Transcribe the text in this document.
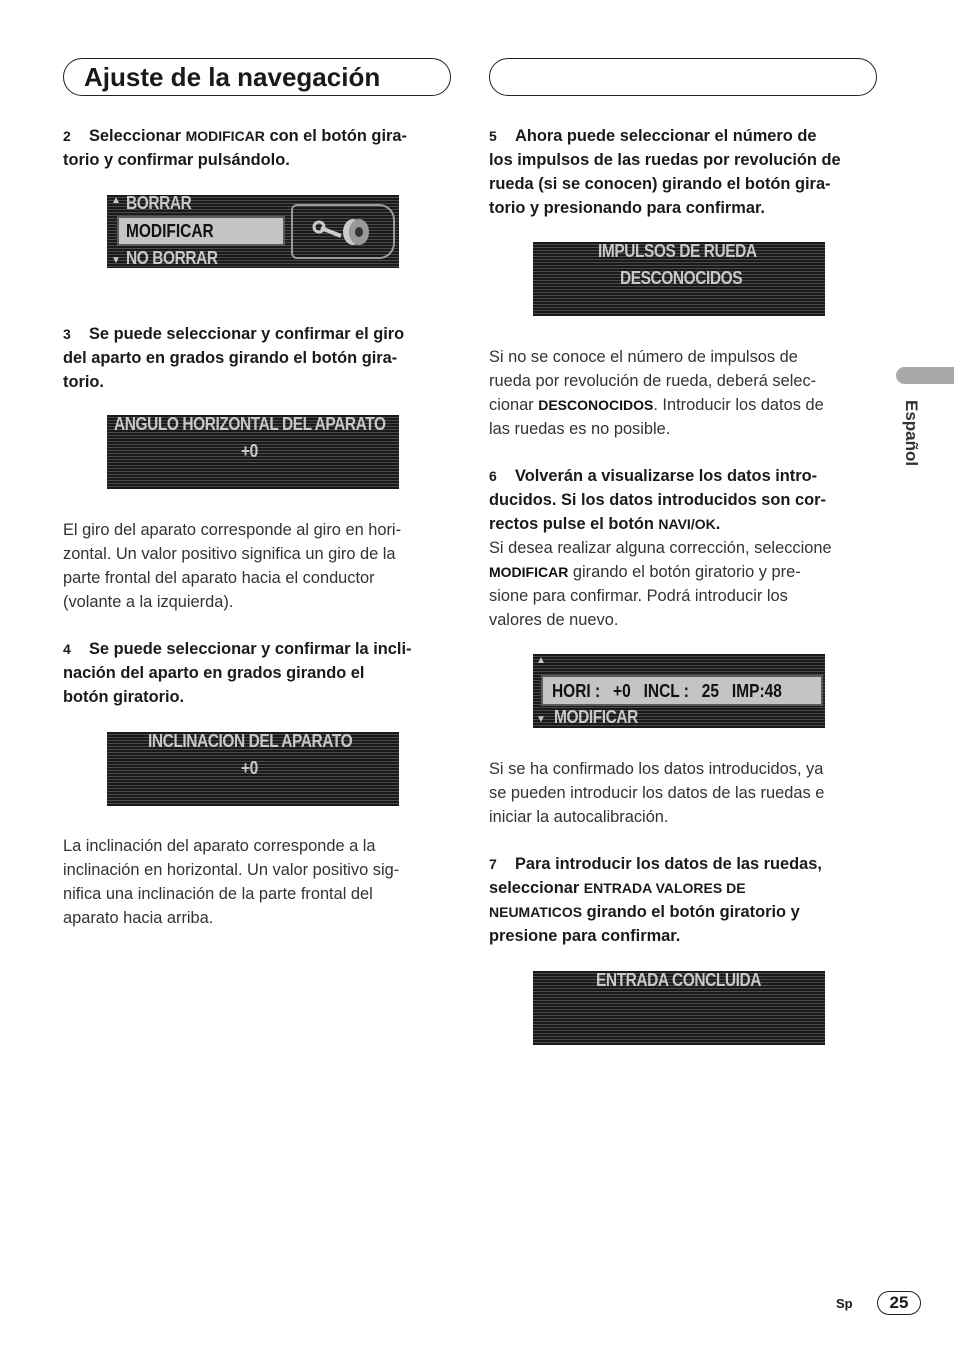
Ajuste de la navegación
2 Seleccionar MODIFICAR con el botón gira-
torio y confirmar pulsándolo.
▲ BORRAR
MODIFICAR
▼ NO BORRAR
3 Se puede seleccionar y confirmar el giro
del aparto en grados girando el botón gira-
torio.
ANGULO HORIZONTAL DEL APARATO
+0
El giro del aparato corresponde al giro en hori-
zontal. Un valor positivo significa un giro de la
parte frontal del aparato hacia el conductor
(volante a la izquierda).
4 Se puede seleccionar y confirmar la incli-
nación del aparto en grados girando el
botón giratorio.
INCLINACION DEL APARATO
+0
La inclinación del aparato corresponde a la
inclinación en horizontal. Un valor positivo sig-
nifica una inclinación de la parte frontal del
aparato hacia arriba.
5 Ahora puede seleccionar el número de
los impulsos de las ruedas por revolución de
rueda (si se conocen) girando el botón gira-
torio y presionando para confirmar.
IMPULSOS DE RUEDA
DESCONOCIDOS
Si no se conoce el número de impulsos de
rueda por revolución de rueda, deberá selec-
cionar DESCONOCIDOS. Introducir los datos de
las ruedas es no posible.
6 Volverán a visualizarse los datos intro-
ducidos. Si los datos introducidos son cor-
rectos pulse el botón NAVI/OK.
Si desea realizar alguna corrección, seleccione
MODIFICAR girando el botón giratorio y pre-
sione para confirmar. Podrá introducir los
valores de nuevo.
▲
HORI :   +0   INCL :   25   IMP:48
▼ MODIFICAR
Si se ha confirmado los datos introducidos, ya
se pueden introducir los datos de las ruedas e
iniciar la autocalibración.
7 Para introducir los datos de las ruedas,
seleccionar ENTRADA VALORES DE
NEUMATICOS girando el botón giratorio y
presione para confirmar.
ENTRADA CONCLUIDA
Español
Sp	25
